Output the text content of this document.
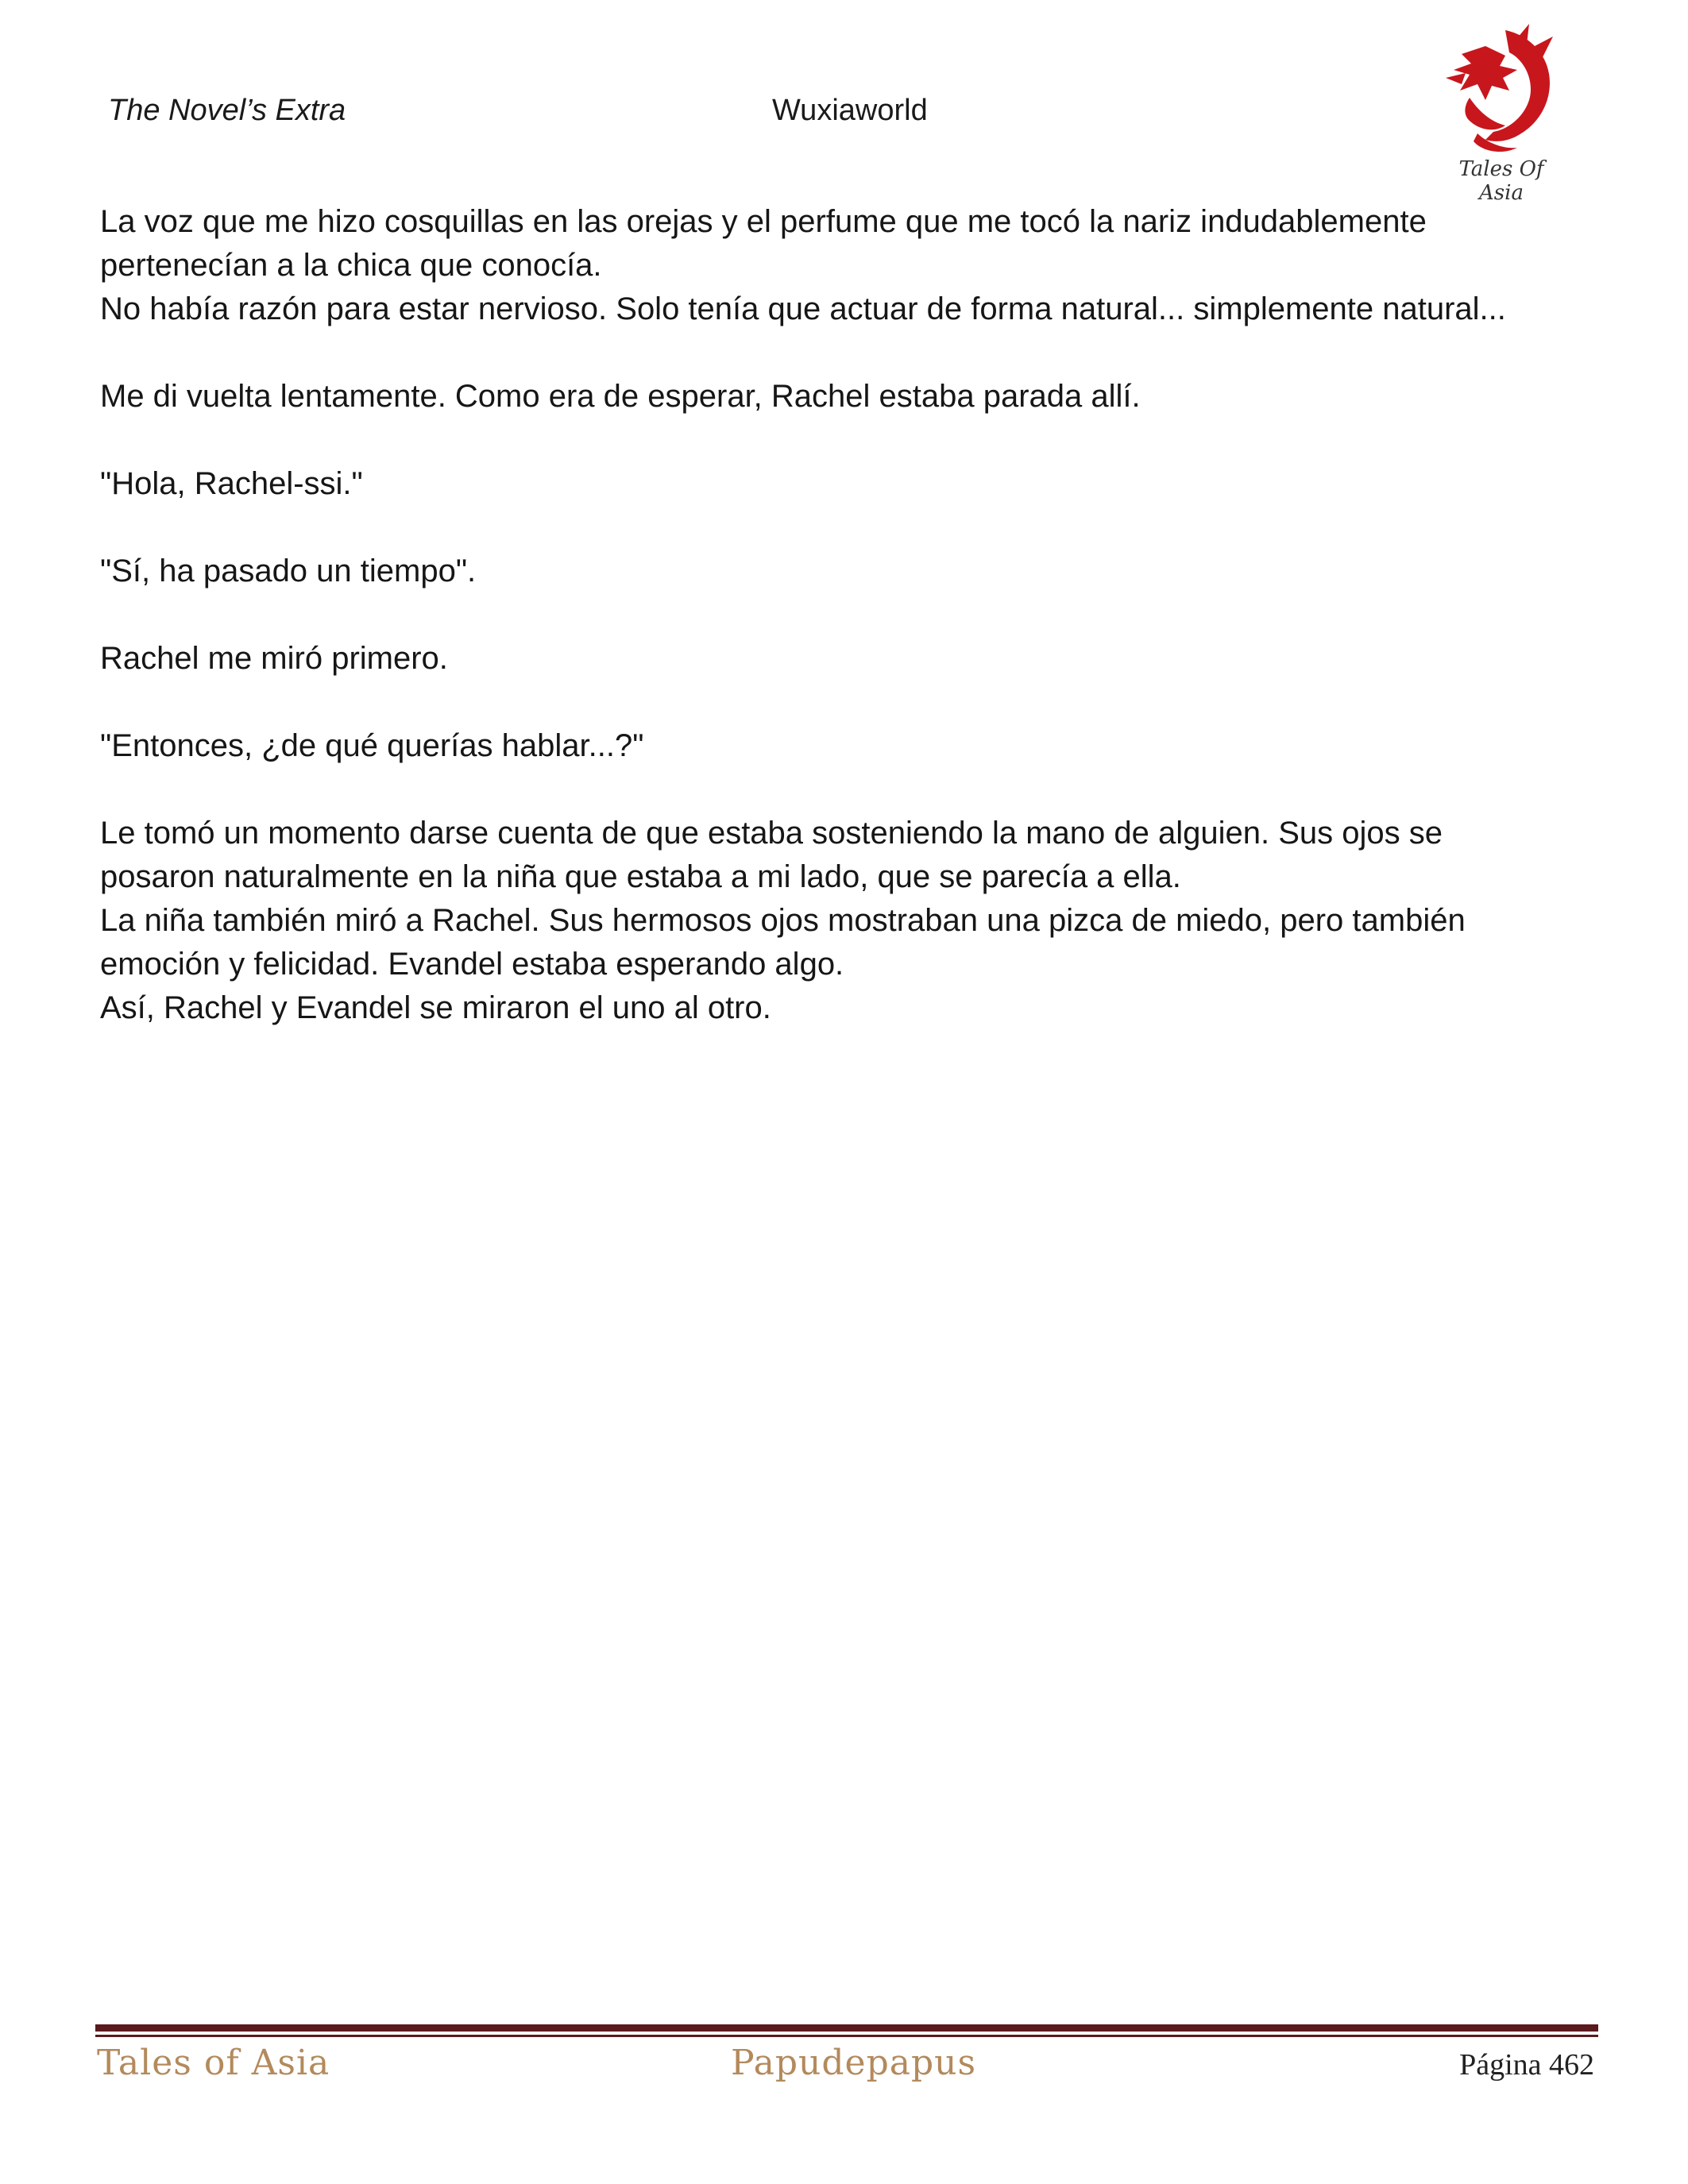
The Novel’s Extra	Wuxiaworld
Tales Of Asia

La voz que me hizo cosquillas en las orejas y el perfume que me tocó la nariz indudablemente

pertenecían a la chica que conocía.

No había razón para estar nervioso. Solo tenía que actuar de forma natural... simplemente natural...

Me di vuelta lentamente. Como era de esperar, Rachel estaba parada allí.

"Hola, Rachel-ssi."

"Sí, ha pasado un tiempo".

Rachel me miró primero.

"Entonces, ¿de qué querías hablar...?"

Le tomó un momento darse cuenta de que estaba sosteniendo la mano de alguien. Sus ojos se

posaron naturalmente en la niña que estaba a mi lado, que se parecía a ella.

La niña también miró a Rachel. Sus hermosos ojos mostraban una pizca de miedo, pero también

emoción y felicidad. Evandel estaba esperando algo.

Así, Rachel y Evandel se miraron el uno al otro.

Tales of Asia	Papudepapus	Página 462
